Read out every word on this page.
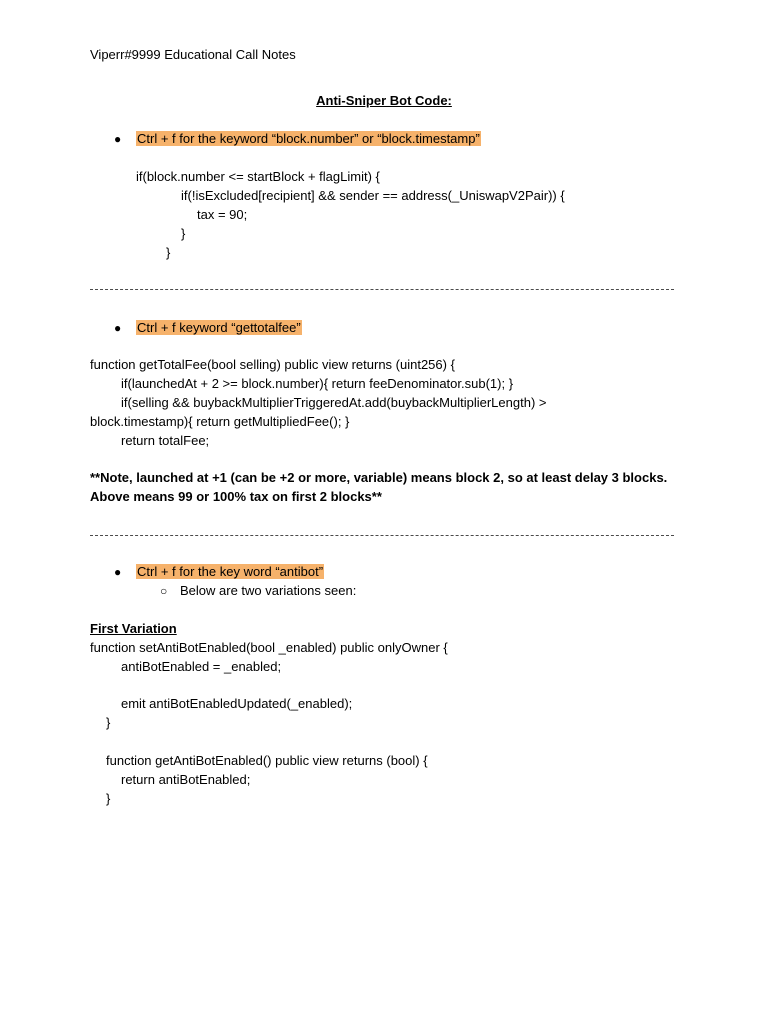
Viperr#9999 Educational Call Notes
Anti-Sniper Bot Code:
●	Ctrl + f for the keyword “block.number” or “block.timestamp”
if(block.number <= startBlock + flagLimit) {
if(!isExcluded[recipient] && sender == address(_UniswapV2Pair)) {
tax = 90;
}
}
●	Ctrl + f keyword “gettotalfee”
function getTotalFee(bool selling) public view returns (uint256) {
if(launchedAt + 2 >= block.number){ return feeDenominator.sub(1); }
if(selling && buybackMultiplierTriggeredAt.add(buybackMultiplierLength) >
block.timestamp){ return getMultipliedFee(); }
return totalFee;
**Note, launched at +1 (can be +2 or more, variable) means block 2, so at least delay 3 blocks. Above means 99 or 100% tax on first 2 blocks**
●	Ctrl + f for the key word “antibot”
○ Below are two variations seen:
First Variation
function setAntiBotEnabled(bool _enabled) public onlyOwner {
antiBotEnabled = _enabled;
emit antiBotEnabledUpdated(_enabled);
}
function getAntiBotEnabled() public view returns (bool) {
return antiBotEnabled;
}
